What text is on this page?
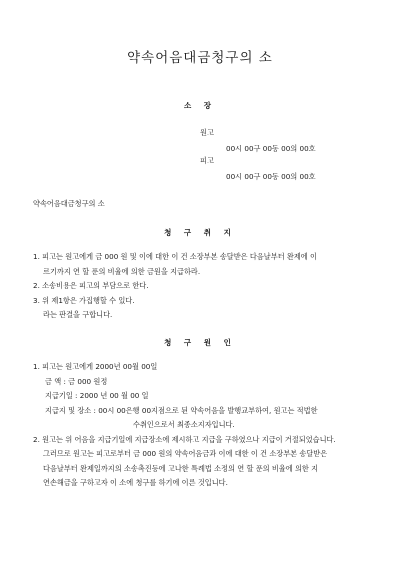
약속어음대금청구의 소
소 장
원고
00시 00구 00동 00의 00호
피고
00시 00구 00동 00의 00호
약속어음대금청구의 소
청 구 취 지

1. 피고는 원고에게 금 000 원 및 이에 대한 이 건 소장부본 송달받은 다음날부터 완제에 이

르기까지 연 할 푼의 비율에 의한 금원을 지급하라.

2. 소송비용은 피고의 부담으로 한다.

3. 위 제1항은 가집행할 수 있다.

라는 판결을 구합니다.

청 구 원 인

1. 피고는 원고에게 2000년 00월 00일

금 액 : 금 000 원정

지급기일 : 2000 년 00 월 00 일

지급지 및 장소 : 00시 00은행 00지점으로 된 약속어음을 발행교부하여, 원고는 적법한

수취인으로서 최종소지자입니다.

2. 원고는 위 어음을 지급기일에 지급장소에 제시하고 지급을 구하였으나 지급이 거절되었습니다.

그러므로 원고는 피고로부터 금 000 원의 약속어음금과 이에 대한 이 건 소장부본 송달받은

다음날부터 완제일까지의 소송촉진등에 고나한 특례법 소정의 연 할 푼의 비율에 의한 지

연손해금을 구하고자 이 소에 청구를 하기에 이른 것입니다.
